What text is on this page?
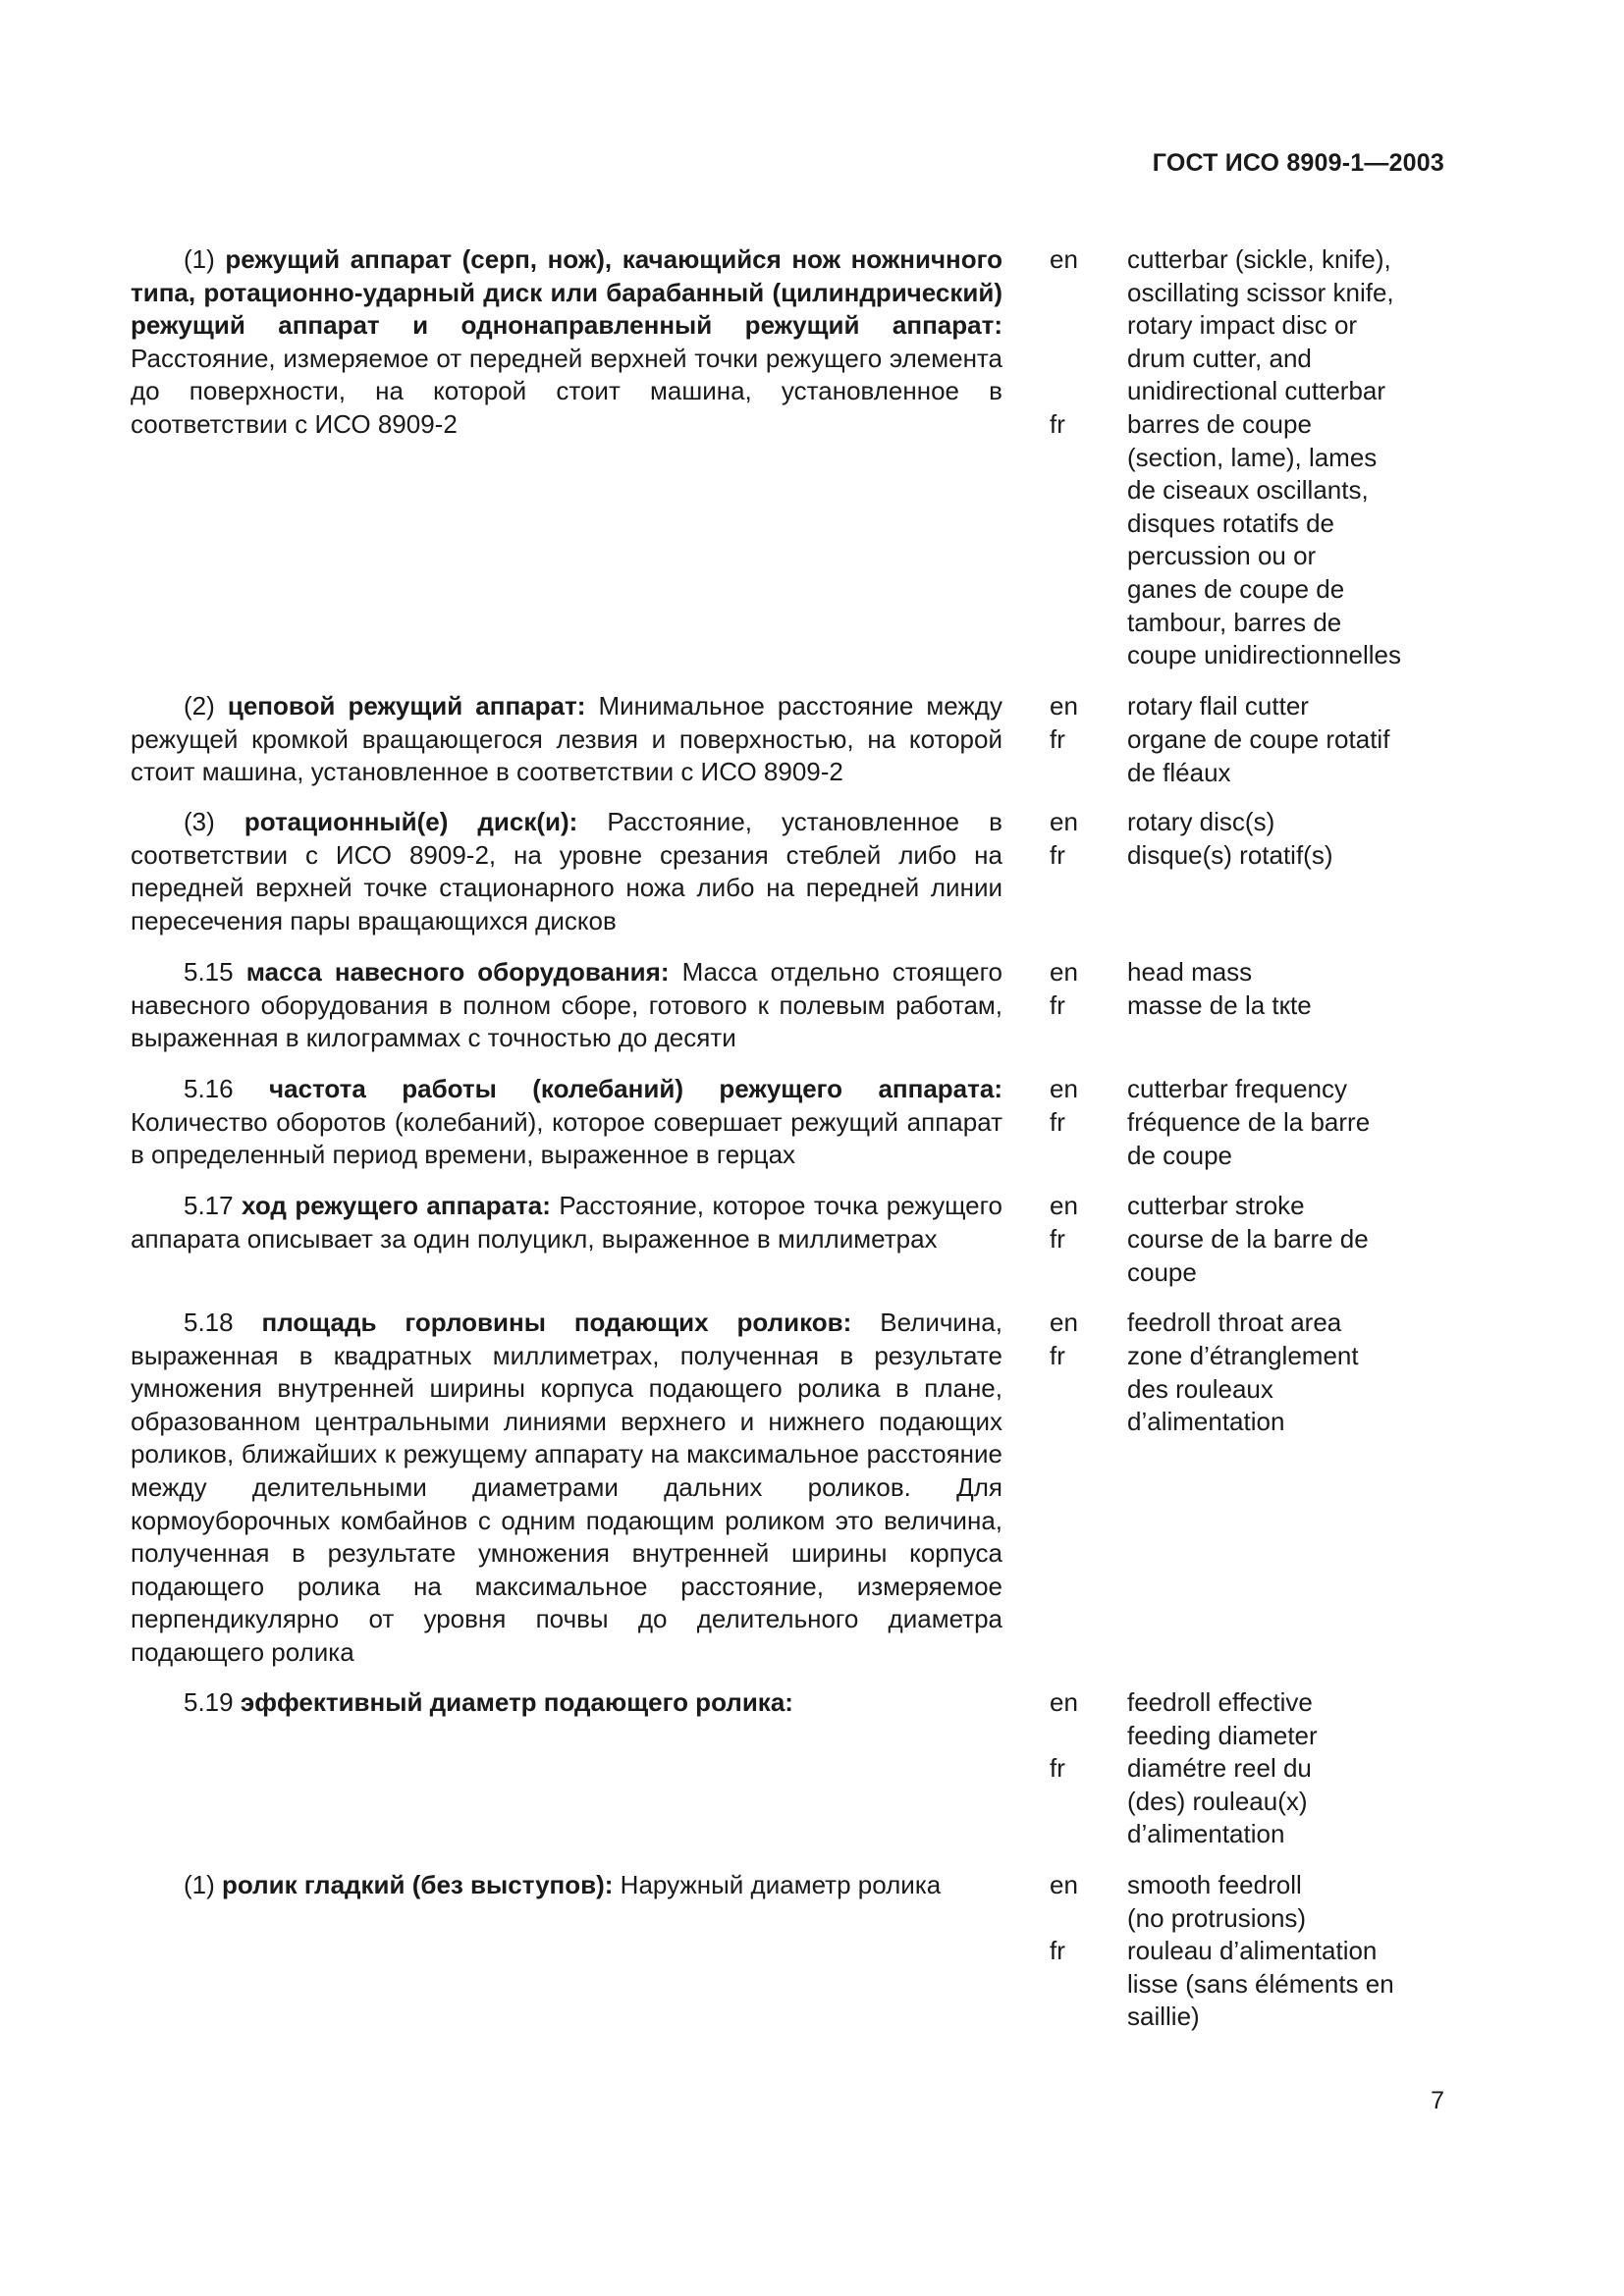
ГОСТ ИСО 8909-1—2003
(1) режущий аппарат (серп, нож), качающийся нож ножничного типа, ротационно-ударный диск или барабанный (цилиндрический) режущий аппарат и однонаправленный режущий аппарат: Расстояние, измеряемое от передней верхней точки режущего элемента до поверхности, на которой стоит машина, установленное в соответствии с ИСО 8909-2
en	cutterbar (sickle, knife),
oscillating scissor knife,
rotary impact disc or
drum cutter, and
unidirectional cutterbar
fr	barres de coupe
(section, lame), lames
de ciseaux oscillants,
disques rotatifs de
percussion ou or
ganes de coupe de
tambour, barres de
coupe unidirectionnelles
(2) цеповой режущий аппарат: Минимальное расстояние между режущей кромкой вращающегося лезвия и поверхностью, на которой стоит машина, установленное в соответствии с ИСО 8909-2
en	rotary flail cutter
fr	organe de coupe rotatif
de fléaux
(3) ротационный(е) диск(и): Расстояние, установленное в соответствии с ИСО 8909-2, на уровне срезания стеблей либо на передней верхней точке стационарного ножа либо на передней линии пересечения пары вращающихся дисков
en	rotary disc(s)
fr	disque(s) rotatif(s)
5.15 масса навесного оборудования: Масса отдельно стоящего навесного оборудования в полном сборе, готового к полевым работам, выраженная в килограммах с точностью до десяти
en	head mass
fr	masse de la tкte
5.16 частота работы (колебаний) режущего аппарата: Количество оборотов (колебаний), которое совершает режущий аппарат в определенный период времени, выраженное в герцах
en	cutterbar frequency
fr	fréquence de la barre
de coupe
5.17 ход режущего аппарата: Расстояние, которое точка режущего аппарата описывает за один полуцикл, выраженное в миллиметрах
en	cutterbar stroke
fr	course de la barre de
coupe
5.18 площадь горловины подающих роликов: Величина, выраженная в квадратных миллиметрах, полученная в результате умножения внутренней ширины корпуса подающего ролика в плане, образованном центральными линиями верхнего и нижнего подающих роликов, ближайших к режущему аппарату на максимальное расстояние между делительными диаметрами дальних роликов. Для кормоуборочных комбайнов с одним подающим роликом это величина, полученная в результате умножения внутренней ширины корпуса подающего ролика на максимальное расстояние, измеряемое перпендикулярно от уровня почвы до делительного диаметра подающего ролика
en	feedroll throat area
fr	zone d’étranglement
des rouleaux
d’alimentation
5.19 эффективный диаметр подающего ролика:	en	feedroll effective
feeding diameter
fr	diamétre reel du
(des) rouleau(x)
d’alimentation
(1) ролик гладкий (без выступов): Наружный диаметр ролика	en	smooth feedroll
(no protrusions)
fr	rouleau d’alimentation
lisse (sans éléments en
saillie)
7
